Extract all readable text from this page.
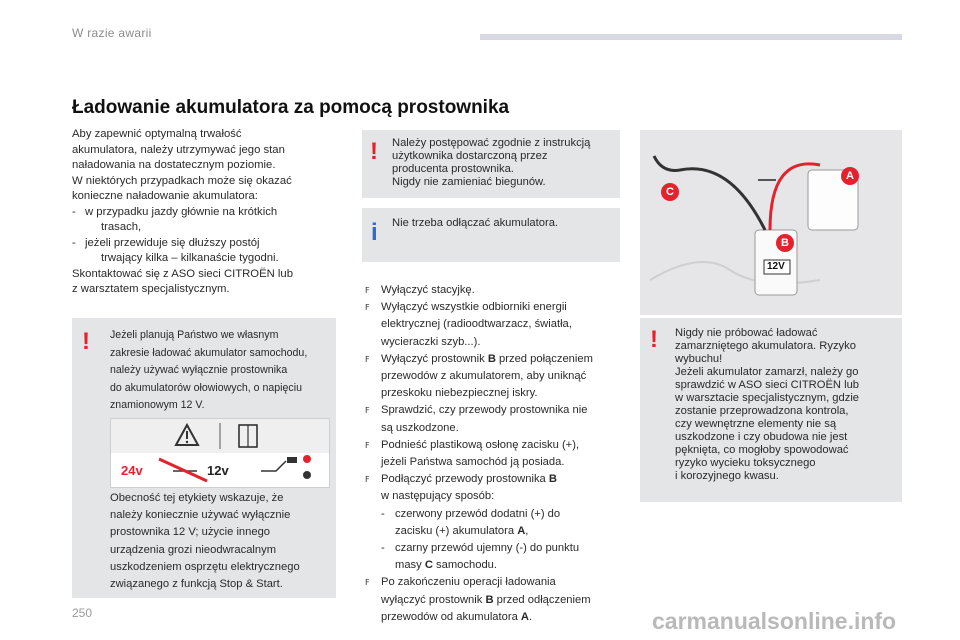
W razie awarii
Ładowanie akumulatora za pomocą prostownika
Aby zapewnić optymalną trwałość
akumulatora, należy utrzymywać jego stan
naładowania na dostatecznym poziomie.
W niektórych przypadkach może się okazać
konieczne naładowanie akumulatora:
- w przypadku jazdy głównie na krótkich
trasach,
- jeżeli przewiduje się dłuższy postój
trwający kilka – kilkanaście tygodni.
Skontaktować się z ASO sieci CITROËN lub
z warsztatem specjalistycznym.
! Należy postępować zgodnie z instrukcją
użytkownika dostarczoną przez
producenta prostownika.
Nigdy nie zamieniać biegunów.
i Nie trzeba odłączać akumulatora.
F Wyłączyć stacyjkę.
F Wyłączyć wszystkie odbiorniki energii
elektrycznej (radioodtwarzacz, światła,
wycieraczki szyb...).
F Wyłączyć prostownik B przed połączeniem
przewodów z akumulatorem, aby uniknąć
przeskoku niebezpiecznej iskry.
F Sprawdzić, czy przewody prostownika nie
są uszkodzone.
F Podnieść plastikową osłonę zacisku (+),
jeżeli Państwa samochód ją posiada.
F Podłączyć przewody prostownika B
w następujący sposób:
- czerwony przewód dodatni (+) do
zacisku (+) akumulatora A,
- czarny przewód ujemny (-) do punktu
masy C samochodu.
F Po zakończeniu operacji ładowania
wyłączyć prostownik B przed odłączeniem
przewodów od akumulatora A.
! Jeżeli planują Państwo we własnym
zakresie ładować akumulator samochodu,
należy używać wyłącznie prostownika
do akumulatorów ołowiowych, o napięciu
znamionowym 12 V.
Obecność tej etykiety wskazuje, że
należy koniecznie używać wyłącznie
prostownika 12 V; użycie innego
urządzenia grozi nieodwracalnym
uszkodzeniem osprzętu elektrycznego
związanego z funkcją Stop & Start.
24v	12v
A
B
C
12V
! Nigdy nie próbować ładować
zamarzniętego akumulatora. Ryzyko
wybuchu!
Jeżeli akumulator zamarzł, należy go
sprawdzić w ASO sieci CITROËN lub
w warsztacie specjalistycznym, gdzie
zostanie przeprowadzona kontrola,
czy wewnętrzne elementy nie są
uszkodzone i czy obudowa nie jest
pęknięta, co mogłoby spowodować
ryzyko wycieku toksycznego
i korozyjnego kwasu.
250	carmanualsonline.info
